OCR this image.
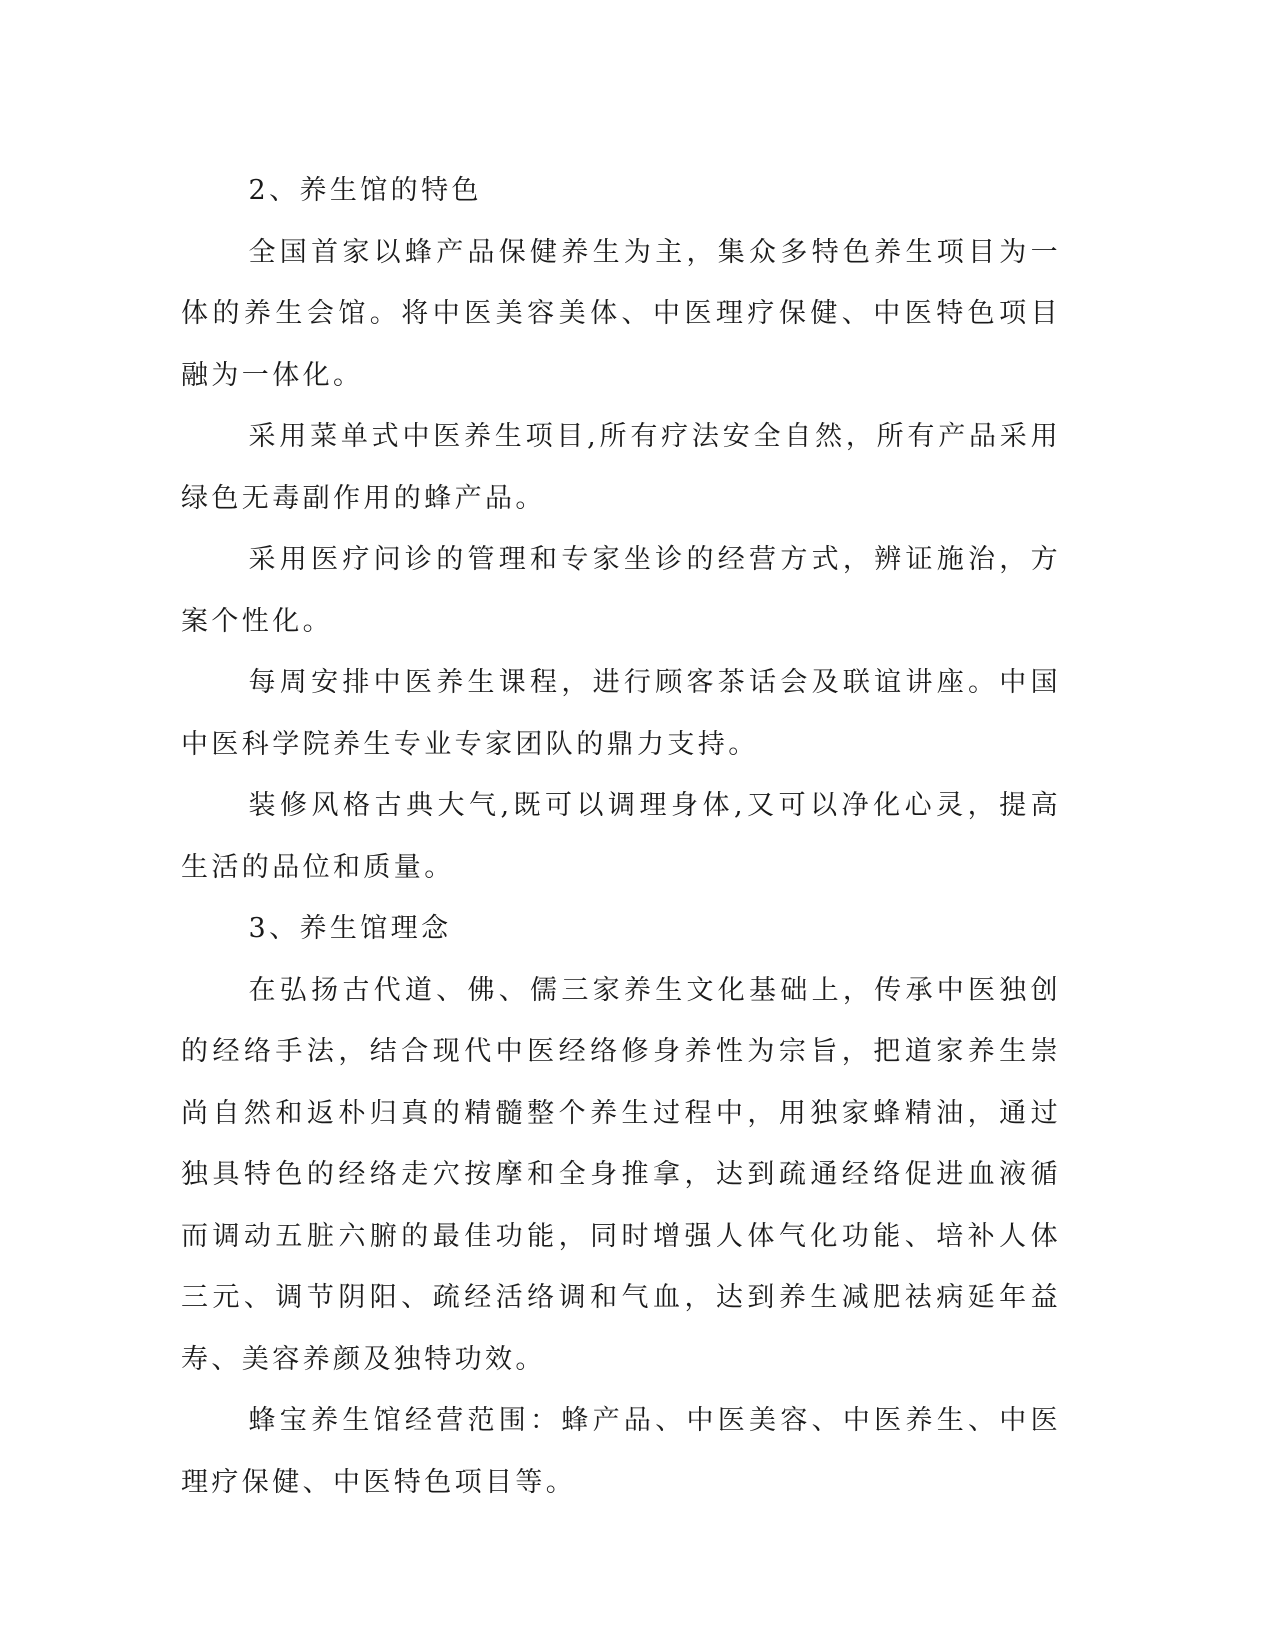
2、养生馆的特色

全国首家以蜂产品保健养生为主，集众多特色养生项目为一体的养生会馆。将中医美容美体、中医理疗保健、中医特色项目融为一体化。

采用菜单式中医养生项目,所有疗法安全自然，所有产品采用绿色无毒副作用的蜂产品。

采用医疗问诊的管理和专家坐诊的经营方式，辨证施治，方案个性化。

每周安排中医养生课程，进行顾客茶话会及联谊讲座。中国中医科学院养生专业专家团队的鼎力支持。

装修风格古典大气,既可以调理身体,又可以净化心灵，提高生活的品位和质量。

3、养生馆理念

在弘扬古代道、佛、儒三家养生文化基础上，传承中医独创的经络手法，结合现代中医经络修身养性为宗旨，把道家养生崇尚自然和返朴归真的精髓整个养生过程中，用独家蜂精油，通过独具特色的经络走穴按摩和全身推拿，达到疏通经络促进血液循而调动五脏六腑的最佳功能，同时增强人体气化功能、培补人体三元、调节阴阳、疏经活络调和气血，达到养生减肥祛病延年益寿、美容养颜及独特功效。

蜂宝养生馆经营范围：蜂产品、中医美容、中医养生、中医理疗保健、中医特色项目等。
